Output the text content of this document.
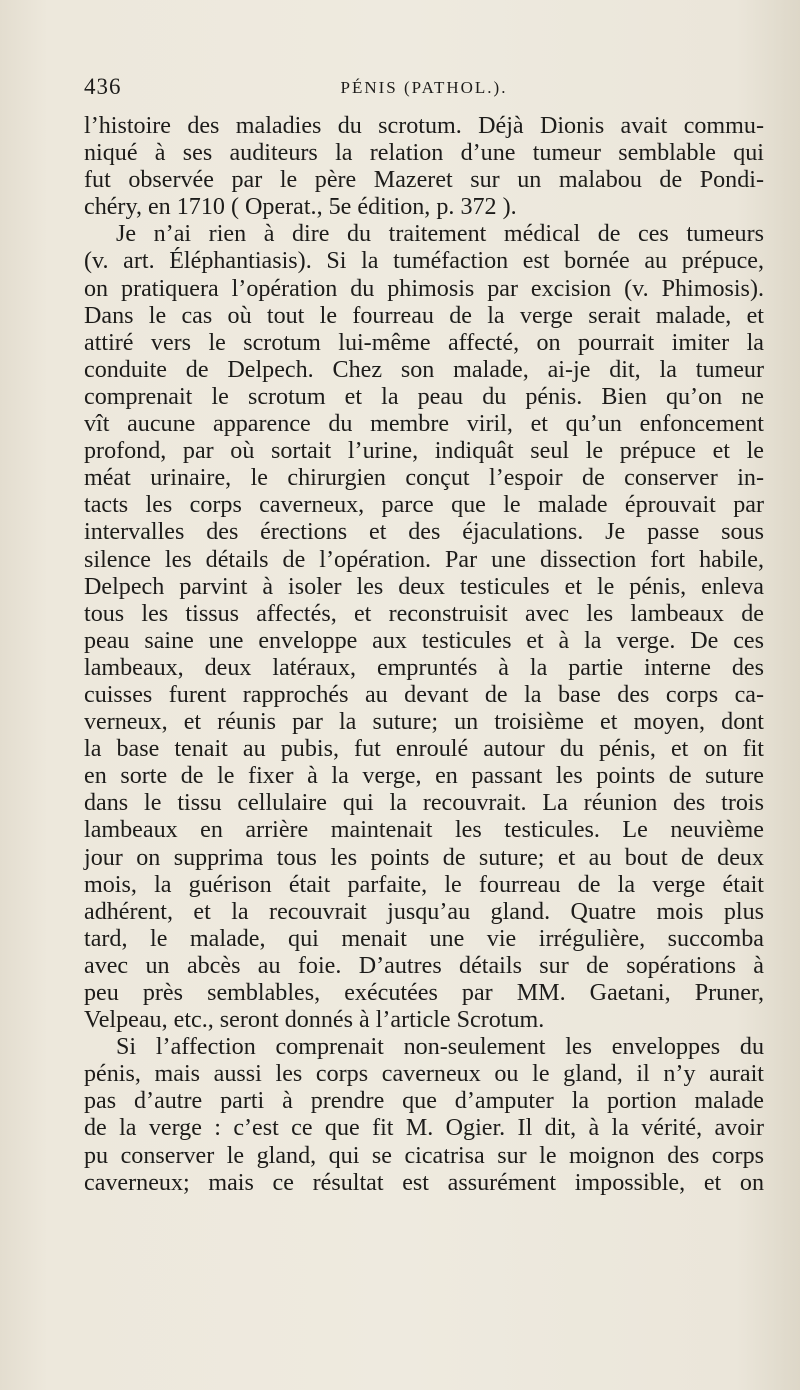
436	PÉNIS (PATHOL.).

l’histoire des maladies du scrotum. Déjà Dionis avait commu-

niqué à ses auditeurs la relation d’une tumeur semblable qui

fut observée par le père Mazeret sur un malabou de Pondi-

chéry, en 1710 ( Operat., 5e édition, p. 372 ).

Je n’ai rien à dire du traitement médical de ces tumeurs

(v. art. Éléphantiasis). Si la tuméfaction est bornée au prépuce,

on pratiquera l’opération du phimosis par excision (v. Phimosis).

Dans le cas où tout le fourreau de la verge serait malade, et

attiré vers le scrotum lui-même affecté, on pourrait imiter la

conduite de Delpech. Chez son malade, ai-je dit, la tumeur

comprenait le scrotum et la peau du pénis. Bien qu’on ne

vît aucune apparence du membre viril, et qu’un enfoncement

profond, par où sortait l’urine, indiquât seul le prépuce et le

méat urinaire, le chirurgien conçut l’espoir de conserver in-

tacts les corps caverneux, parce que le malade éprouvait par

intervalles des érections et des éjaculations. Je passe sous

silence les détails de l’opération. Par une dissection fort habile,

Delpech parvint à isoler les deux testicules et le pénis, enleva

tous les tissus affectés, et reconstruisit avec les lambeaux de

peau saine une enveloppe aux testicules et à la verge. De ces

lambeaux, deux latéraux, empruntés à la partie interne des

cuisses furent rapprochés au devant de la base des corps ca-

verneux, et réunis par la suture; un troisième et moyen, dont

la base tenait au pubis, fut enroulé autour du pénis, et on fit

en sorte de le fixer à la verge, en passant les points de suture

dans le tissu cellulaire qui la recouvrait. La réunion des trois

lambeaux en arrière maintenait les testicules. Le neuvième

jour on supprima tous les points de suture; et au bout de deux

mois, la guérison était parfaite, le fourreau de la verge était

adhérent, et la recouvrait jusqu’au gland. Quatre mois plus

tard, le malade, qui menait une vie irrégulière, succomba

avec un abcès au foie. D’autres détails sur de sopérations à

peu près semblables, exécutées par MM. Gaetani, Pruner,

Velpeau, etc., seront donnés à l’article Scrotum.

Si l’affection comprenait non-seulement les enveloppes du

pénis, mais aussi les corps caverneux ou le gland, il n’y aurait

pas d’autre parti à prendre que d’amputer la portion malade

de la verge : c’est ce que fit M. Ogier. Il dit, à la vérité, avoir

pu conserver le gland, qui se cicatrisa sur le moignon des corps

caverneux; mais ce résultat est assurément impossible, et on
